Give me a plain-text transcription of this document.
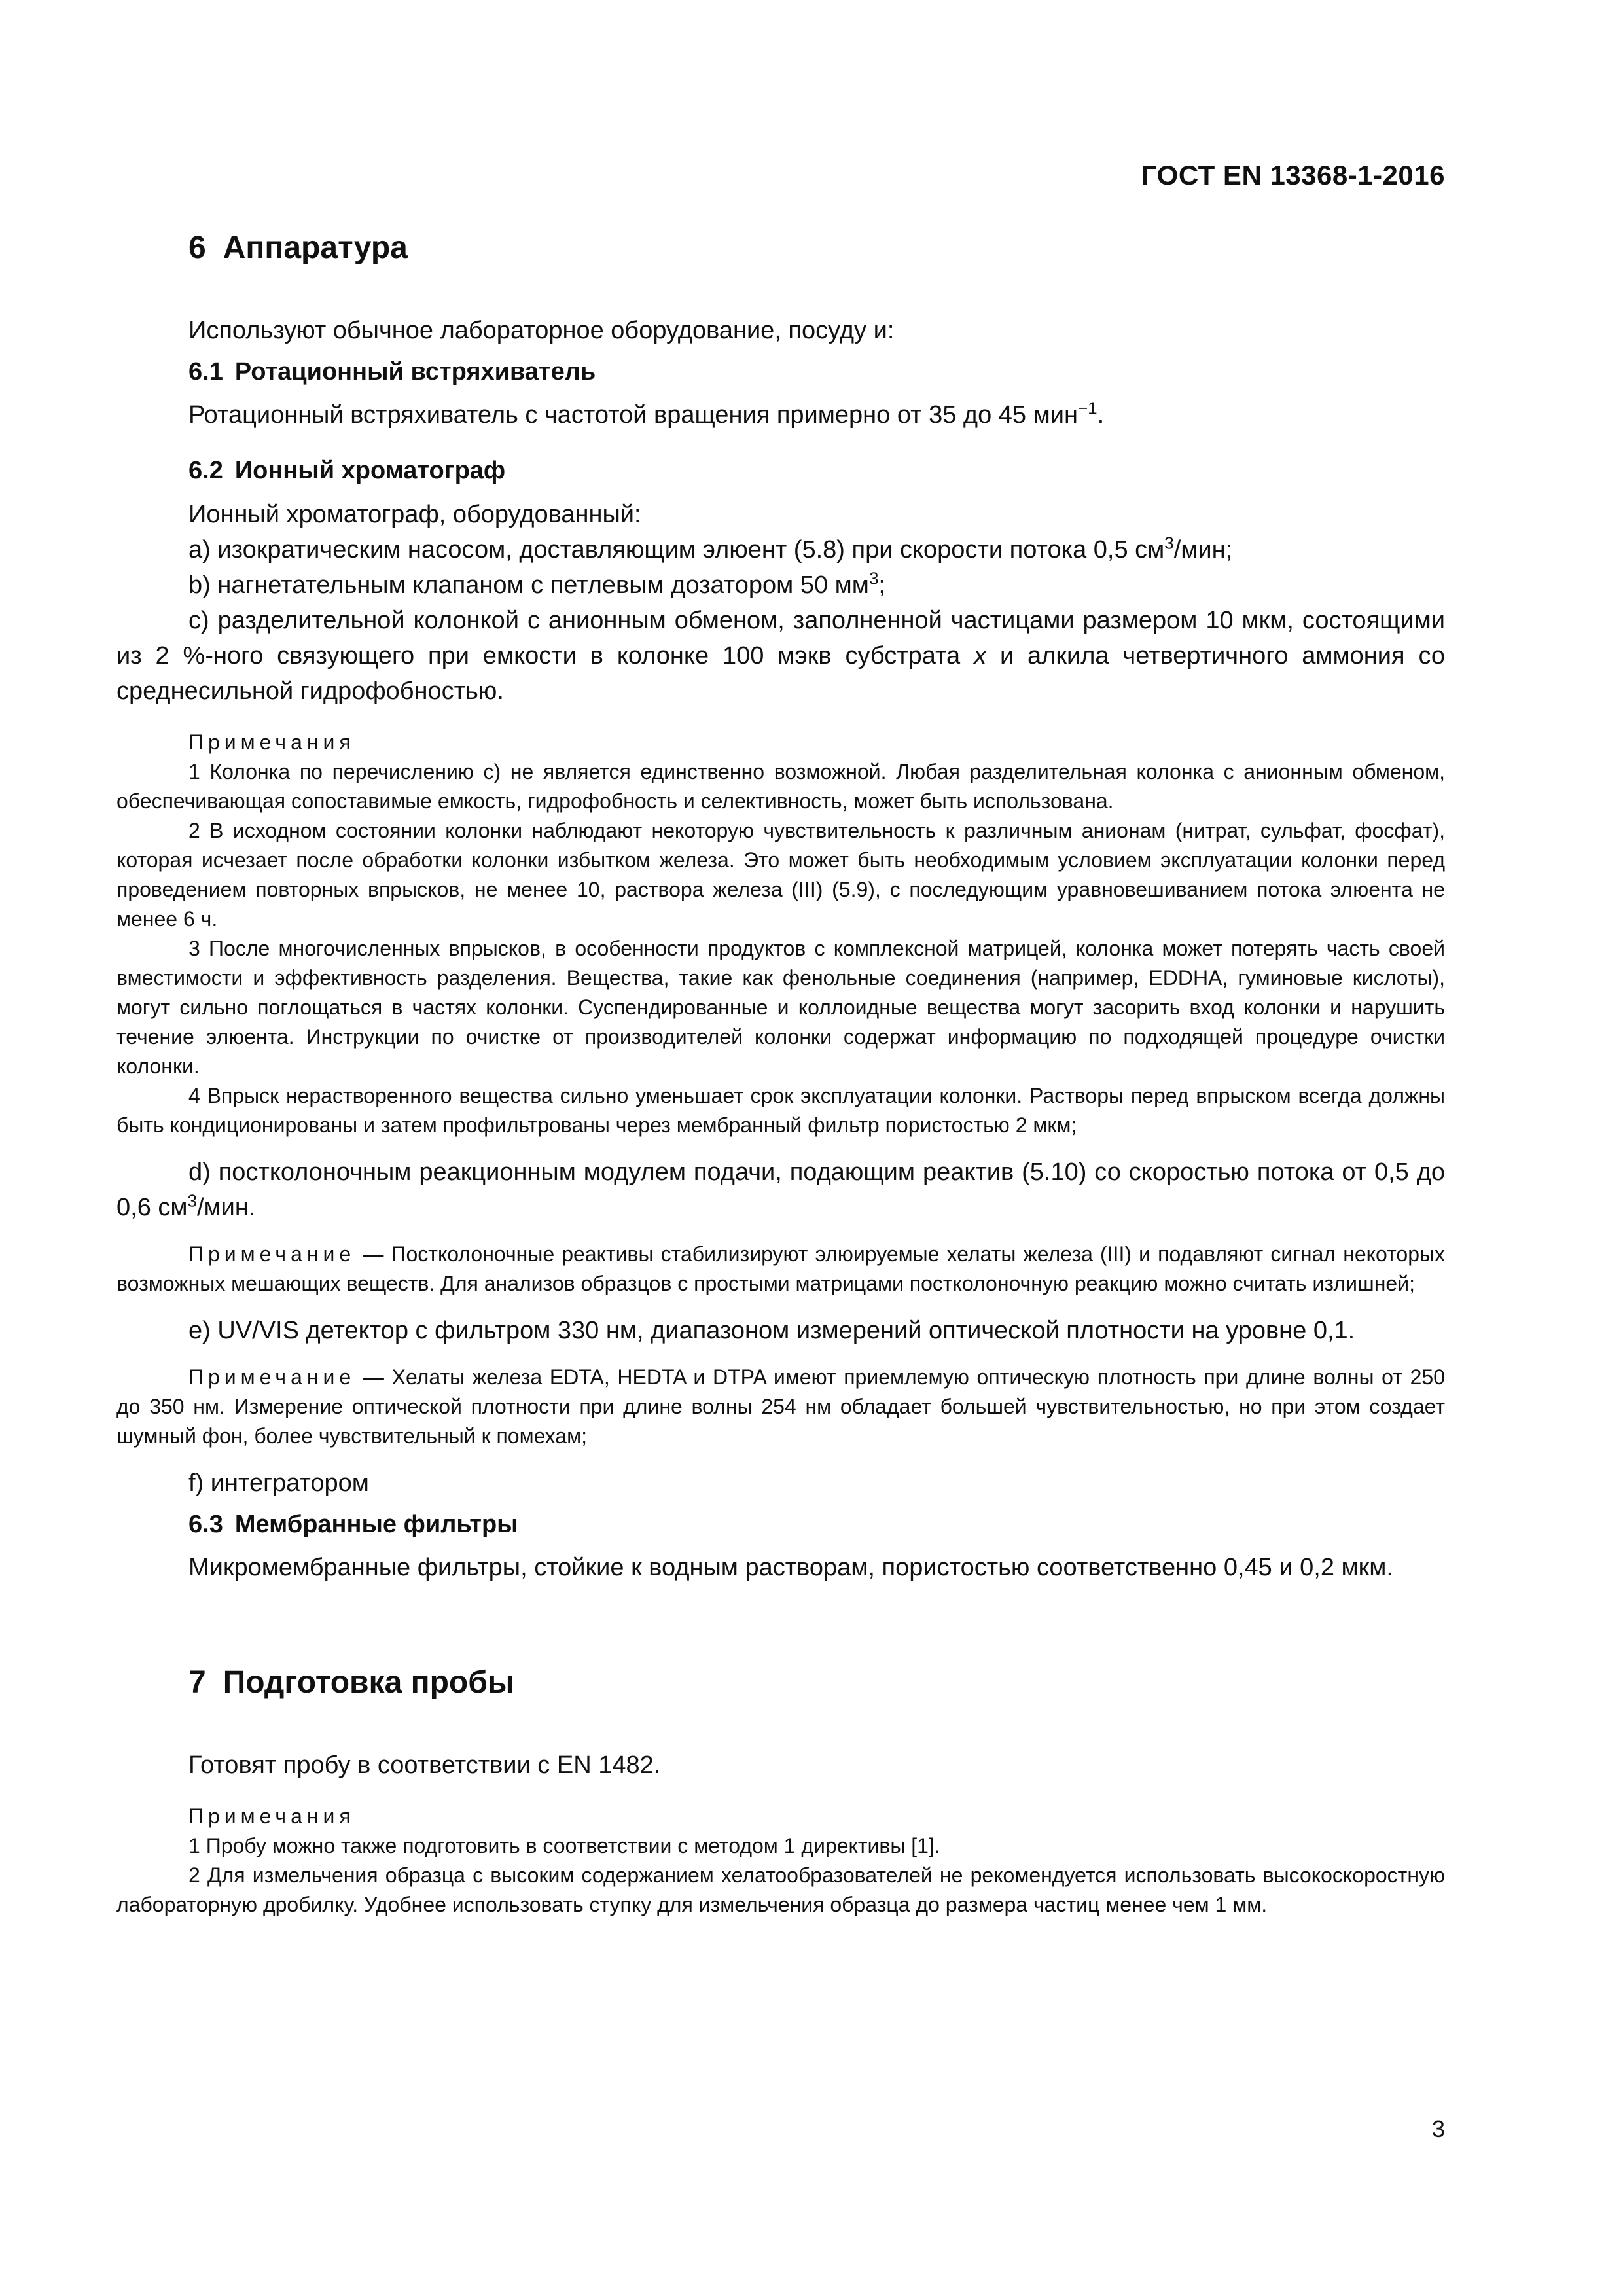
ГОСТ EN 13368-1-2016
6 Аппаратура

Используют обычное лабораторное оборудование, посуду и:

6.1 Ротационный встряхиватель

Ротационный встряхиватель с частотой вращения примерно от 35 до 45 мин$^{-1}$.

6.2 Ионный хроматограф

Ионный хроматограф, оборудованный:

а) изократическим насосом, доставляющим элюент (5.8) при скорости потока 0,5 $см^3$/мин;

b) нагнетательным клапаном с петлевым дозатором 50 $мм^3$;

с) разделительной колонкой с анионным обменом, заполненной частицами размером 10 мкм, состоящими из 2 %-ного связующего при емкости в колонке 100 мэкв субстрата х и алкила четвертичного аммония со среднесильной гидрофобностью.

Примечания

1 Колонка по перечислению с) не является единственно возможной. Любая разделительная колонка с анионным обменом, обеспечивающая сопоставимые емкость, гидрофобность и селективность, может быть использована.

2 В исходном состоянии колонки наблюдают некоторую чувствительность к различным анионам (нитрат, сульфат, фосфат), которая исчезает после обработки колонки избытком железа. Это может быть необходимым условием эксплуатации колонки перед проведением повторных впрысков, не менее 10, раствора железа (III) (5.9), с последующим уравновешиванием потока элюента не менее 6 ч.

3 После многочисленных впрысков, в особенности продуктов с комплексной матрицей, колонка может потерять часть своей вместимости и эффективность разделения. Вещества, такие как фенольные соединения (например, EDDHA, гуминовые кислоты), могут сильно поглощаться в частях колонки. Суспендированные и коллоидные вещества могут засорить вход колонки и нарушить течение элюента. Инструкции по очистке от производителей колонки содержат информацию по подходящей процедуре очистки колонки.

4 Впрыск нерастворенного вещества сильно уменьшает срок эксплуатации колонки. Растворы перед впрыском всегда должны быть кондиционированы и затем профильтрованы через мембранный фильтр пористостью 2 мкм;

d) постколоночным реакционным модулем подачи, подающим реактив (5.10) со скоростью потока от 0,5 до 0,6 $см^3$/мин.

Примечание — Постколоночные реактивы стабилизируют элюируемые хелаты железа (III) и подавляют сигнал некоторых возможных мешающих веществ. Для анализов образцов с простыми матрицами постколоночную реакцию можно считать излишней;

е) UV/VIS детектор с фильтром 330 нм, диапазоном измерений оптической плотности на уровне 0,1.

Примечание — Хелаты железа EDTA, HEDTA и DTPA имеют приемлемую оптическую плотность при длине волны от 250 до 350 нм. Измерение оптической плотности при длине волны 254 нм обладает большей чувствительностью, но при этом создает шумный фон, более чувствительный к помехам;

f) интегратором

6.3 Мембранные фильтры

Микромембранные фильтры, стойкие к водным растворам, пористостью соответственно 0,45 и 0,2 мкм.

7 Подготовка пробы

Готовят пробу в соответствии с EN 1482.

Примечания

1 Пробу можно также подготовить в соответствии с методом 1 директивы [1].

2 Для измельчения образца с высоким содержанием хелатообразователей не рекомендуется использовать высокоскоростную лабораторную дробилку. Удобнее использовать ступку для измельчения образца до размера частиц менее чем 1 мм.

3
